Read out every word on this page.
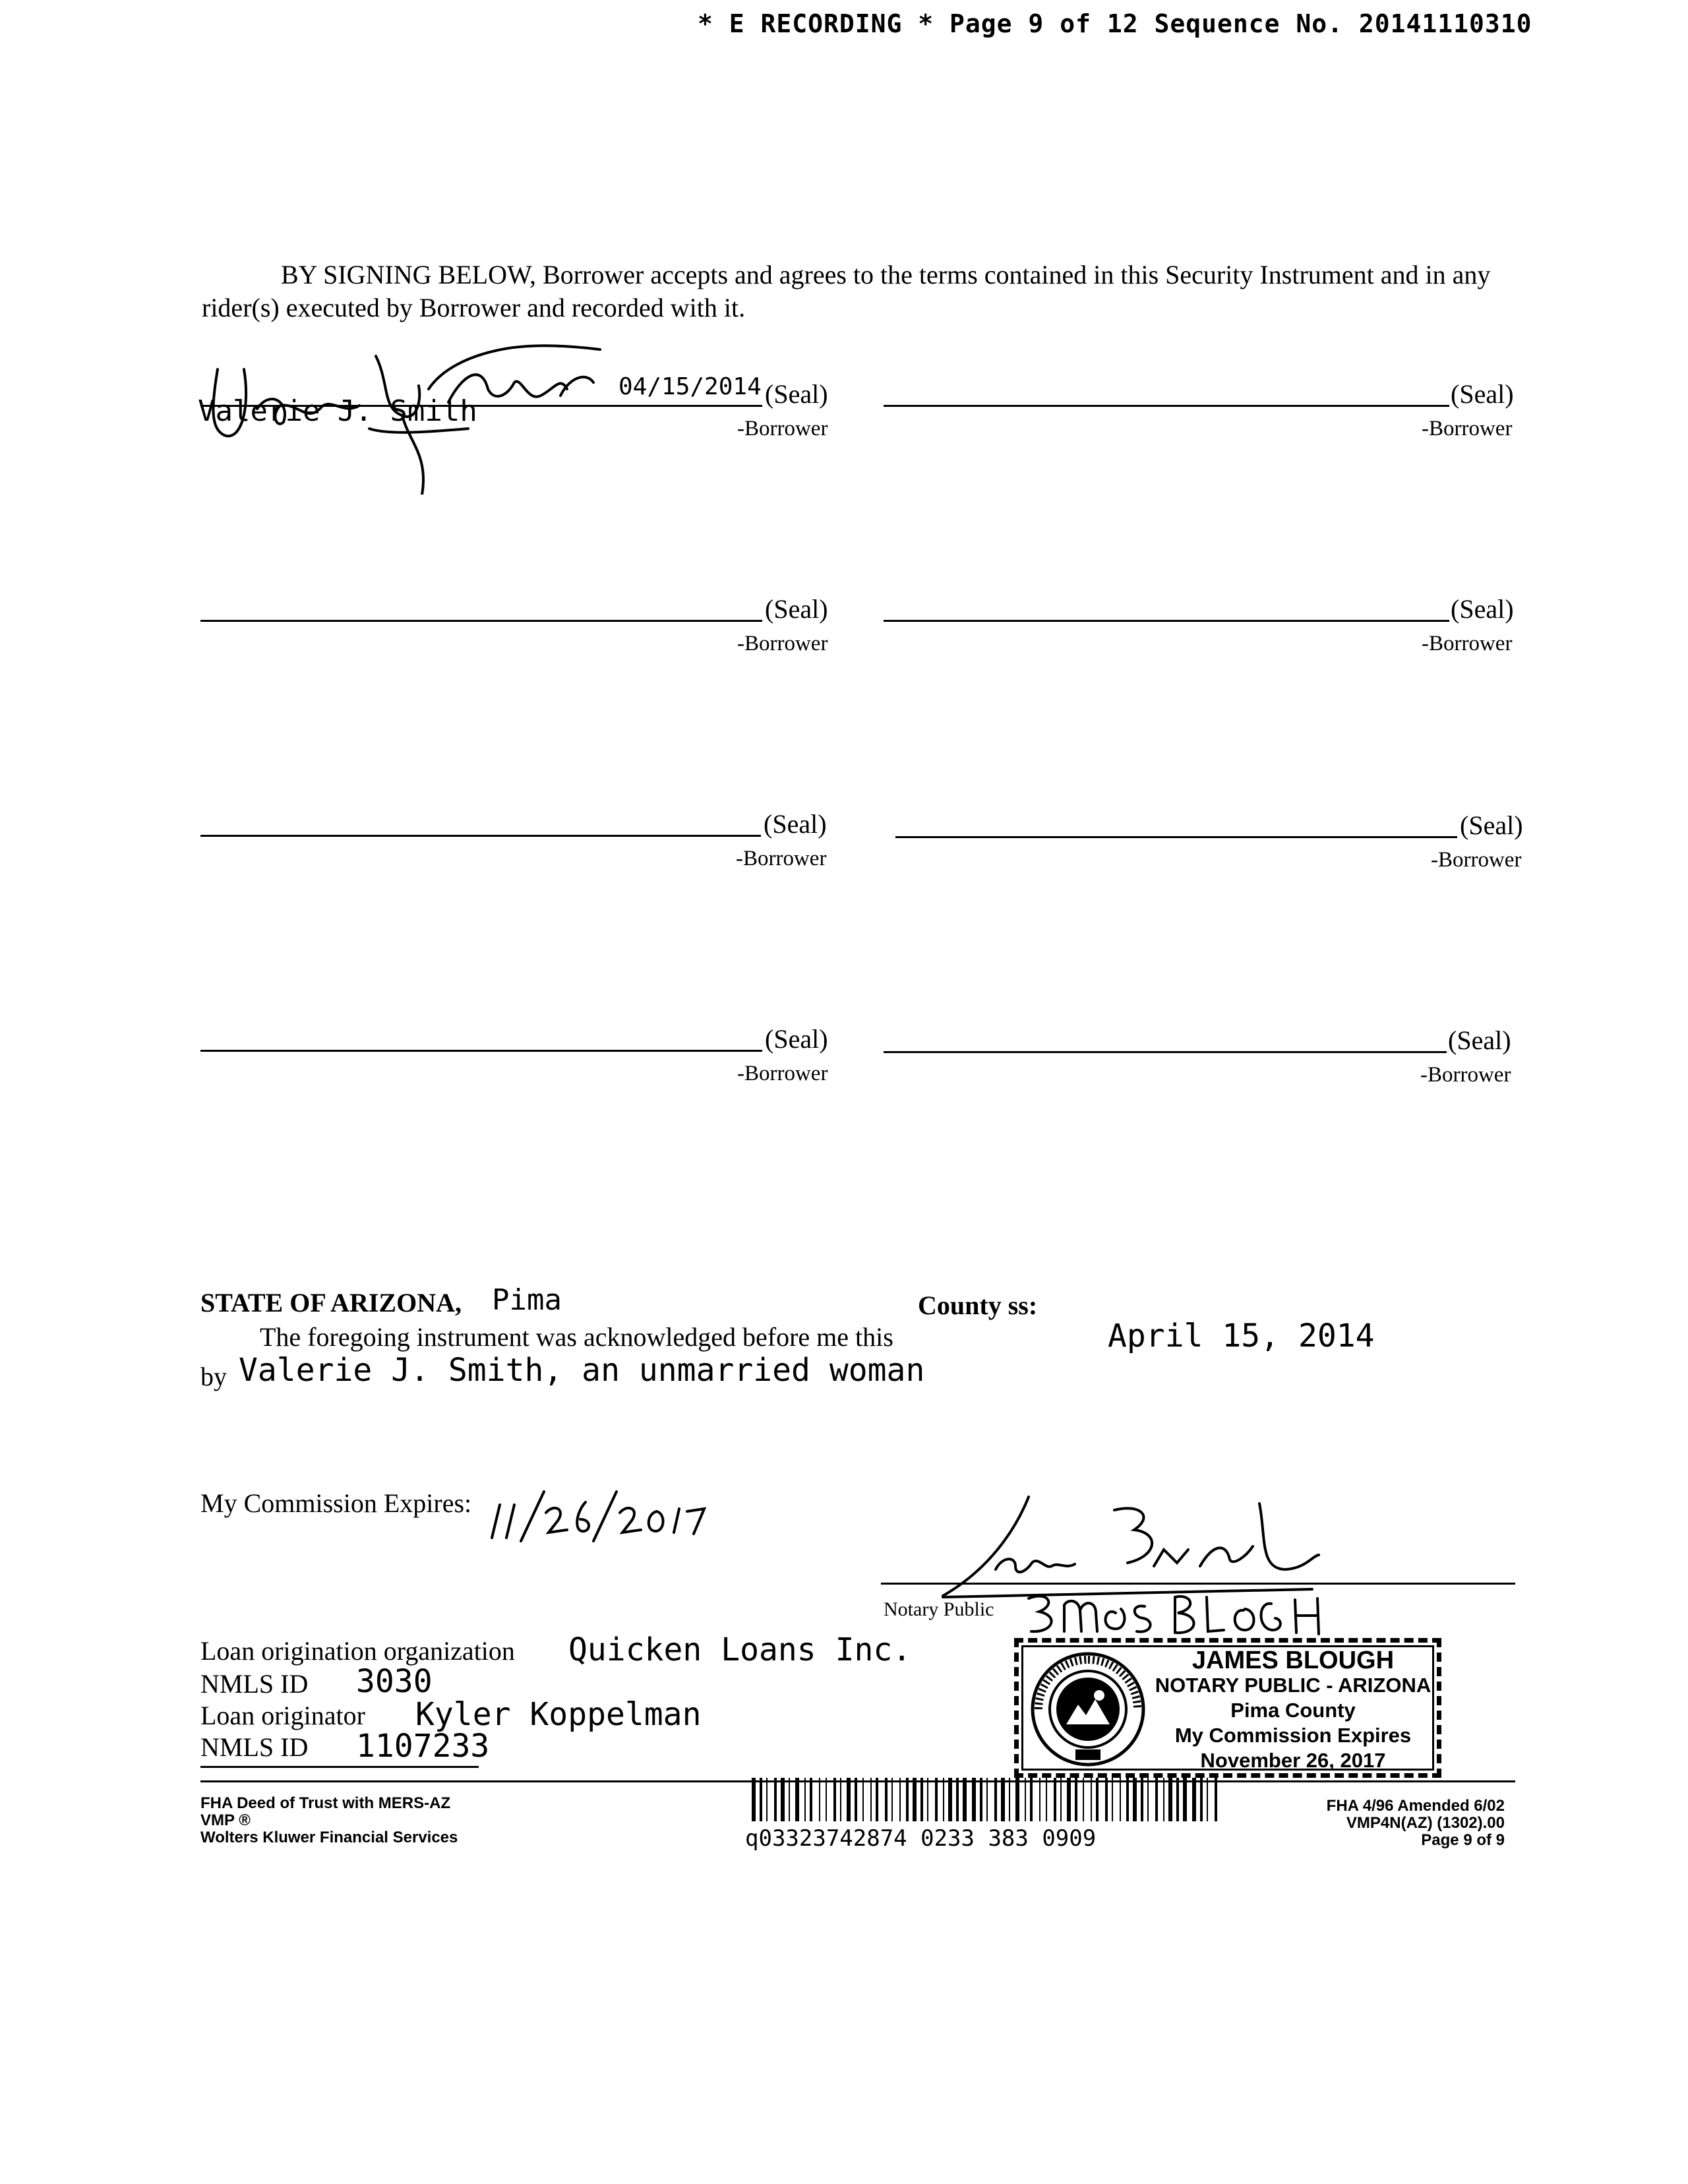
* E RECORDING * Page 9 of 12 Sequence No. 20141110310
BY SIGNING BELOW, Borrower accepts and agrees to the terms contained in this Security Instrument and in any rider(s) executed by Borrower and recorded with it.
04/15/2014 (Seal)
-Borrower
Valerie J. Smith
(Seal)
-Borrower
(Seal)
-Borrower
(Seal)
-Borrower
(Seal)
-Borrower
(Seal)
-Borrower
(Seal)
-Borrower
(Seal)
-Borrower
STATE OF ARIZONA, Pima	County ss:
The foregoing instrument was acknowledged before me this	April 15, 2014
by Valerie J. Smith, an unmarried woman
My Commission Expires:
Notary Public
Loan origination organization Quicken Loans Inc.
NMLS ID 3030
Loan originator Kyler Koppelman
NMLS ID 1107233
JAMES BLOUGH
NOTARY PUBLIC - ARIZONA
Pima County
My Commission Expires
November 26, 2017
FHA Deed of Trust with MERS-AZ
VMP ®
Wolters Kluwer Financial Services	q03323742874 0233 383 0909
FHA 4/96 Amended 6/02
VMP4N(AZ) (1302).00
Page 9 of 9
